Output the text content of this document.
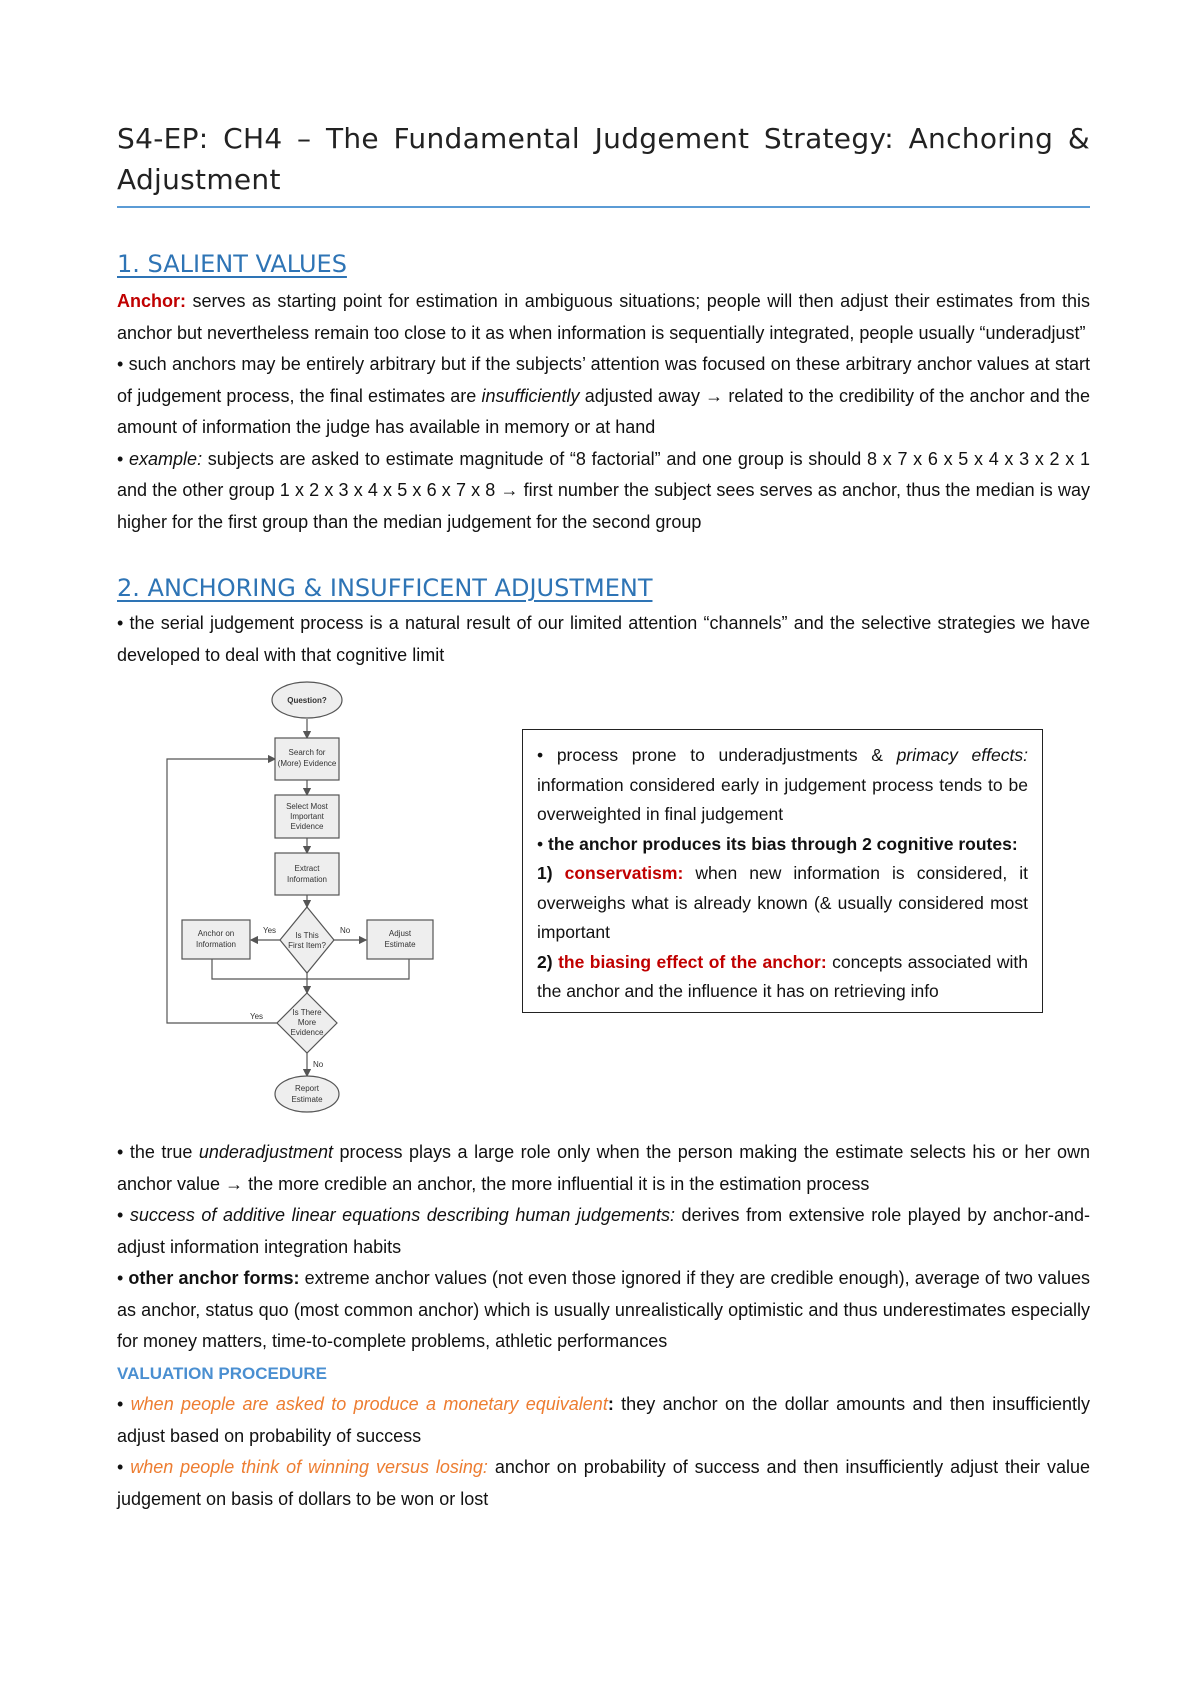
S4-EP: CH4 – The Fundamental Judgement Strategy: Anchoring & Adjustment
1. SALIENT VALUES

Anchor: serves as starting point for estimation in ambiguous situations; people will then adjust their estimates from this anchor but nevertheless remain too close to it as when information is sequentially integrated, people usually “underadjust”

• such anchors may be entirely arbitrary but if the subjects’ attention was focused on these arbitrary anchor values at start of judgement process, the final estimates are insufficiently adjusted away → related to the credibility of the anchor and the amount of information the judge has available in memory or at hand

• example: subjects are asked to estimate magnitude of “8 factorial” and one group is should 8 x 7 x 6 x 5 x 4 x 3 x 2 x 1 and the other group 1 x 2 x 3 x 4 x 5 x 6 x 7 x 8 → first number the subject sees serves as anchor, thus the median is way higher for the first group than the median judgement for the second group

2. ANCHORING & INSUFFICENT ADJUSTMENT

• the serial judgement process is a natural result of our limited attention “channels” and the selective strategies we have developed to deal with that cognitive limit

Question?
Search for
(More) Evidence
Select Most
Important
Evidence
Extract
Information
Is This
First Item?
Anchor on
Information
Adjust
Estimate
Is There
More
Evidence
Report
Estimate
Yes	No
Yes
No

• process prone to underadjustments & primacy effects: information considered early in judgement process tends to be overweighted in final judgement

• the anchor produces its bias through 2 cognitive routes:

1) conservatism: when new information is considered, it overweighs what is already known (& usually considered most important

2) the biasing effect of the anchor: concepts associated with the anchor and the influence it has on retrieving info

• the true underadjustment process plays a large role only when the person making the estimate selects his or her own anchor value → the more credible an anchor, the more influential it is in the estimation process

• success of additive linear equations describing human judgements: derives from extensive role played by anchor-and-adjust information integration habits

• other anchor forms: extreme anchor values (not even those ignored if they are credible enough), average of two values as anchor, status quo (most common anchor) which is usually unrealistically optimistic and thus underestimates especially for money matters, time-to-complete problems, athletic performances

VALUATION PROCEDURE

• when people are asked to produce a monetary equivalent: they anchor on the dollar amounts and then insufficiently adjust based on probability of success

• when people think of winning versus losing: anchor on probability of success and then insufficiently adjust their value judgement on basis of dollars to be won or lost
